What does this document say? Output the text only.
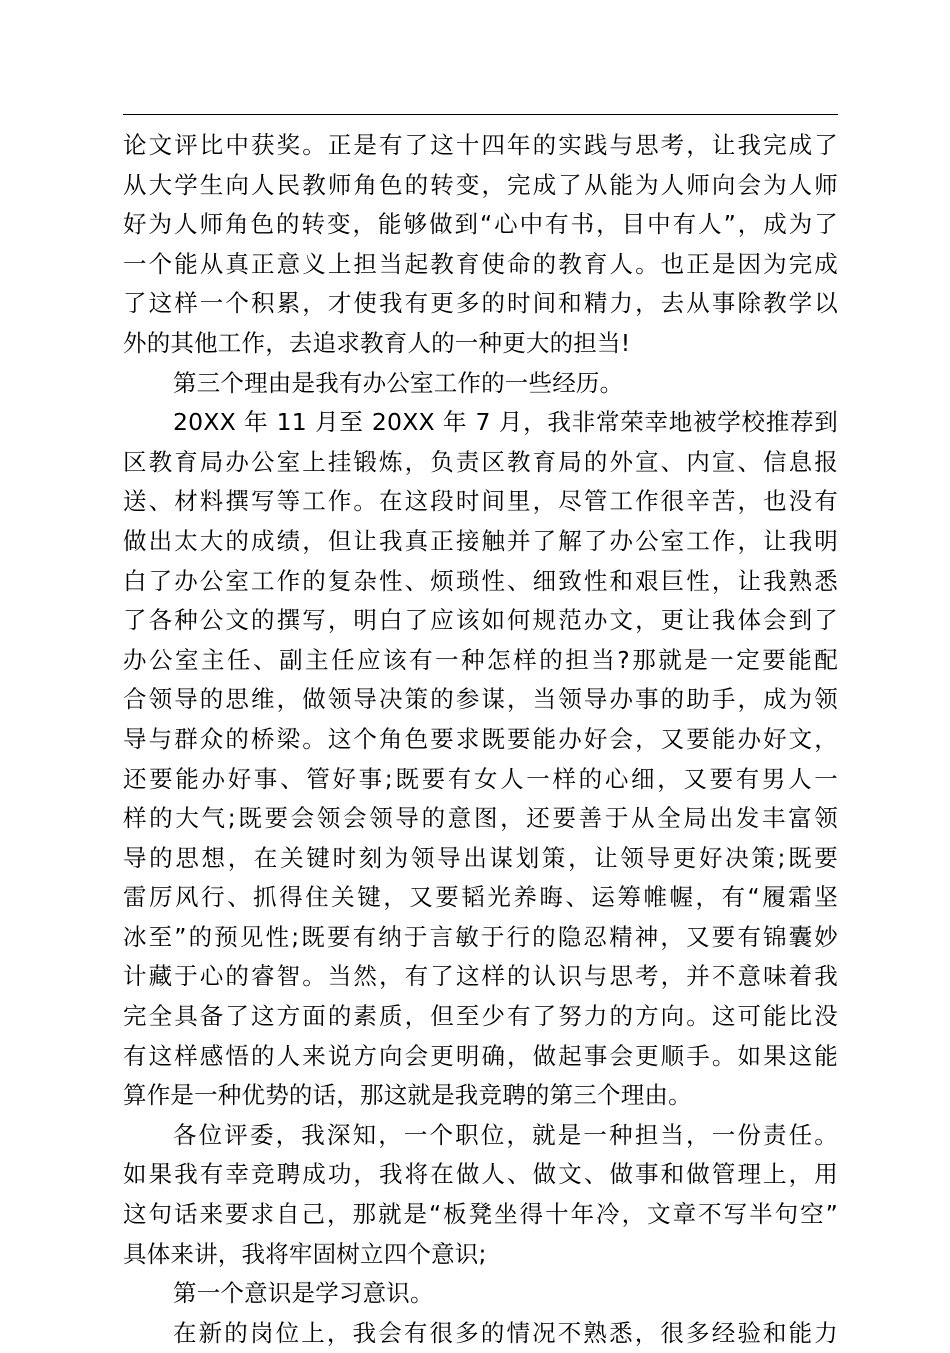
论文评比中获奖。正是有了这十四年的实践与思考，让我完成了
从大学生向人民教师角色的转变，完成了从能为人师向会为人师
好为人师角色的转变，能够做到“心中有书，目中有人”，成为了
一个能从真正意义上担当起教育使命的教育人。也正是因为完成
了这样一个积累，才使我有更多的时间和精力，去从事除教学以
外的其他工作，去追求教育人的一种更大的担当!
第三个理由是我有办公室工作的一些经历。
20XX 年 11 月至 20XX 年 7 月，我非常荣幸地被学校推荐到
区教育局办公室上挂锻炼，负责区教育局的外宣、内宣、信息报
送、材料撰写等工作。在这段时间里，尽管工作很辛苦，也没有
做出太大的成绩，但让我真正接触并了解了办公室工作，让我明
白了办公室工作的复杂性、烦琐性、细致性和艰巨性，让我熟悉
了各种公文的撰写，明白了应该如何规范办文，更让我体会到了
办公室主任、副主任应该有一种怎样的担当?那就是一定要能配
合领导的思维，做领导决策的参谋，当领导办事的助手，成为领
导与群众的桥梁。这个角色要求既要能办好会，又要能办好文，
还要能办好事、管好事;既要有女人一样的心细，又要有男人一
样的大气;既要会领会领导的意图，还要善于从全局出发丰富领
导的思想，在关键时刻为领导出谋划策，让领导更好决策;既要
雷厉风行、抓得住关键，又要韬光养晦、运筹帷幄，有“履霜坚
冰至”的预见性;既要有纳于言敏于行的隐忍精神，又要有锦囊妙
计藏于心的睿智。当然，有了这样的认识与思考，并不意味着我
完全具备了这方面的素质，但至少有了努力的方向。这可能比没
有这样感悟的人来说方向会更明确，做起事会更顺手。如果这能
算作是一种优势的话，那这就是我竞聘的第三个理由。
各位评委，我深知，一个职位，就是一种担当，一份责任。
如果我有幸竞聘成功，我将在做人、做文、做事和做管理上，用
这句话来要求自己，那就是“板凳坐得十年冷，文章不写半句空”
具体来讲，我将牢固树立四个意识;
第一个意识是学习意识。
在新的岗位上，我会有很多的情况不熟悉，很多经验和能力
